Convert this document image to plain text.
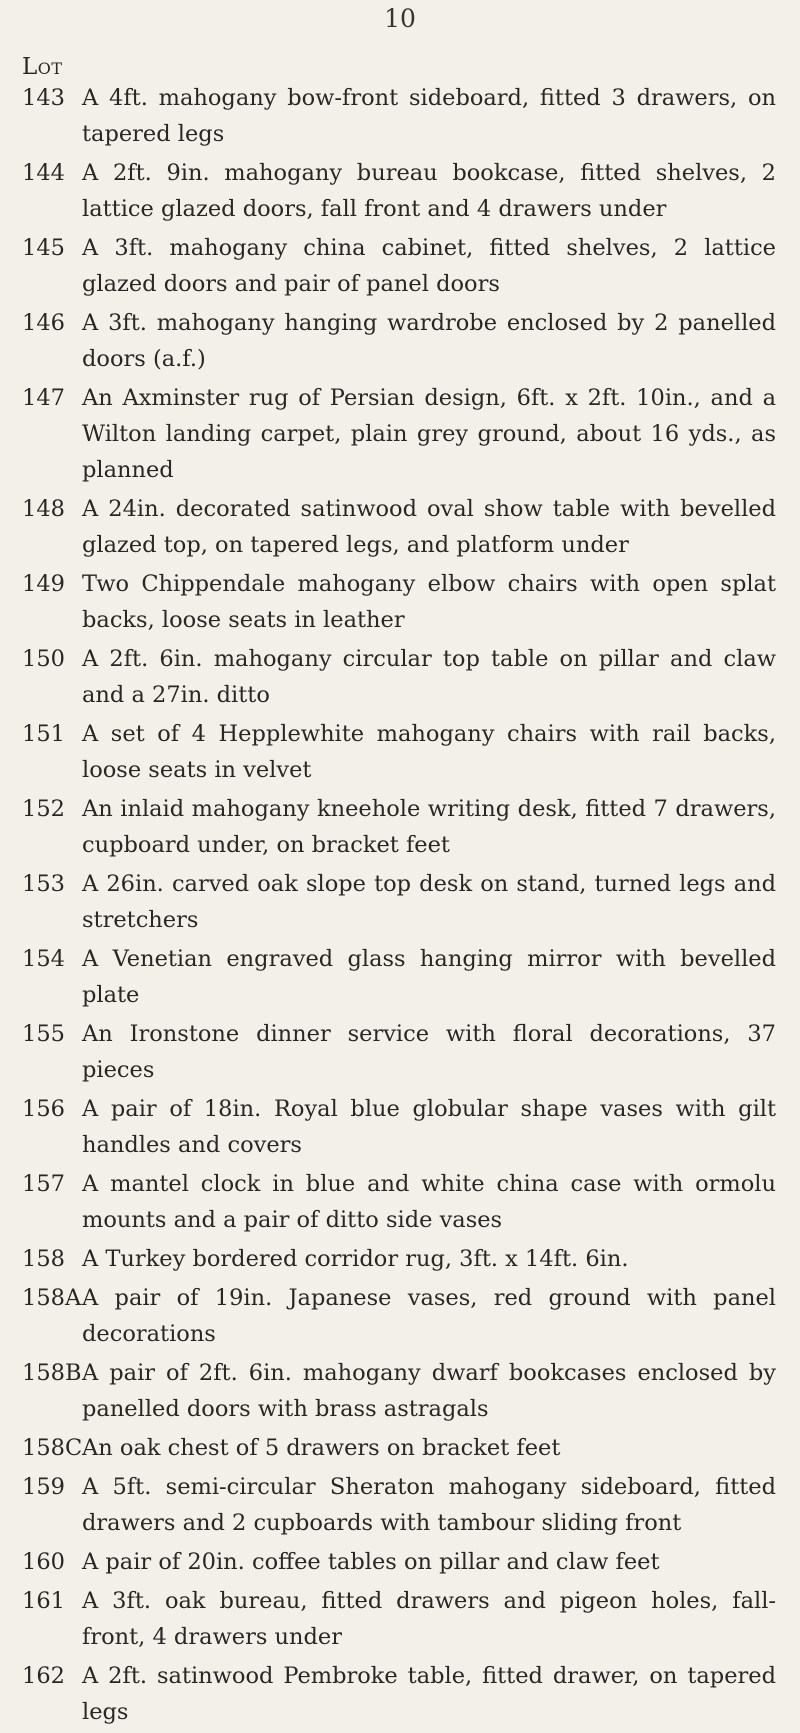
10
Lot
143 A 4ft. mahogany bow-front sideboard, fitted 3 drawers, on tapered legs
144 A 2ft. 9in. mahogany bureau bookcase, fitted shelves, 2 lattice glazed doors, fall front and 4 drawers under
145 A 3ft. mahogany china cabinet, fitted shelves, 2 lattice glazed doors and pair of panel doors
146 A 3ft. mahogany hanging wardrobe enclosed by 2 panelled doors (a.f.)
147 An Axminster rug of Persian design, 6ft. x 2ft. 10in., and a Wilton landing carpet, plain grey ground, about 16 yds., as planned
148 A 24in. decorated satinwood oval show table with bevelled glazed top, on tapered legs, and platform under
149 Two Chippendale mahogany elbow chairs with open splat backs, loose seats in leather
150 A 2ft. 6in. mahogany circular top table on pillar and claw and a 27in. ditto
151 A set of 4 Hepplewhite mahogany chairs with rail backs, loose seats in velvet
152 An inlaid mahogany kneehole writing desk, fitted 7 drawers, cupboard under, on bracket feet
153 A 26in. carved oak slope top desk on stand, turned legs and stretchers
154 A Venetian engraved glass hanging mirror with bevelled plate
155 An Ironstone dinner service with floral decorations, 37 pieces
156 A pair of 18in. Royal blue globular shape vases with gilt handles and covers
157 A mantel clock in blue and white china case with ormolu mounts and a pair of ditto side vases
158 A Turkey bordered corridor rug, 3ft. x 14ft. 6in.
158A A pair of 19in. Japanese vases, red ground with panel decorations
158B A pair of 2ft. 6in. mahogany dwarf bookcases enclosed by panelled doors with brass astragals
158C An oak chest of 5 drawers on bracket feet
159 A 5ft. semi-circular Sheraton mahogany sideboard, fitted drawers and 2 cupboards with tambour sliding front
160 A pair of 20in. coffee tables on pillar and claw feet
161 A 3ft. oak bureau, fitted drawers and pigeon holes, fall-front, 4 drawers under
162 A 2ft. satinwood Pembroke table, fitted drawer, on tapered legs
